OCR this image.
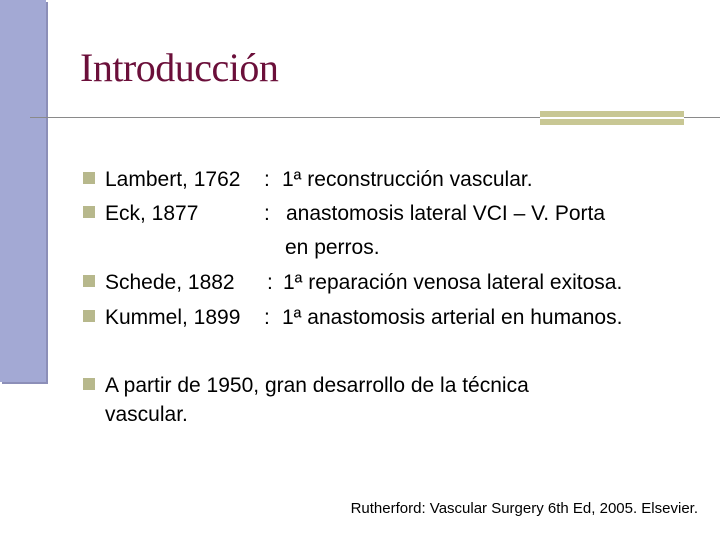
Introducción
Lambert, 1762 : 1ª reconstrucción vascular.
Eck, 1877	: anastomosis lateral VCI – V. Porta
en perros.
Schede, 1882 : 1ª reparación venosa lateral exitosa.
Kummel, 1899 : 1ª anastomosis arterial en humanos.
A partir de 1950, gran desarrollo de la técnica
vascular.
Rutherford: Vascular Surgery 6th Ed, 2005. Elsevier.
